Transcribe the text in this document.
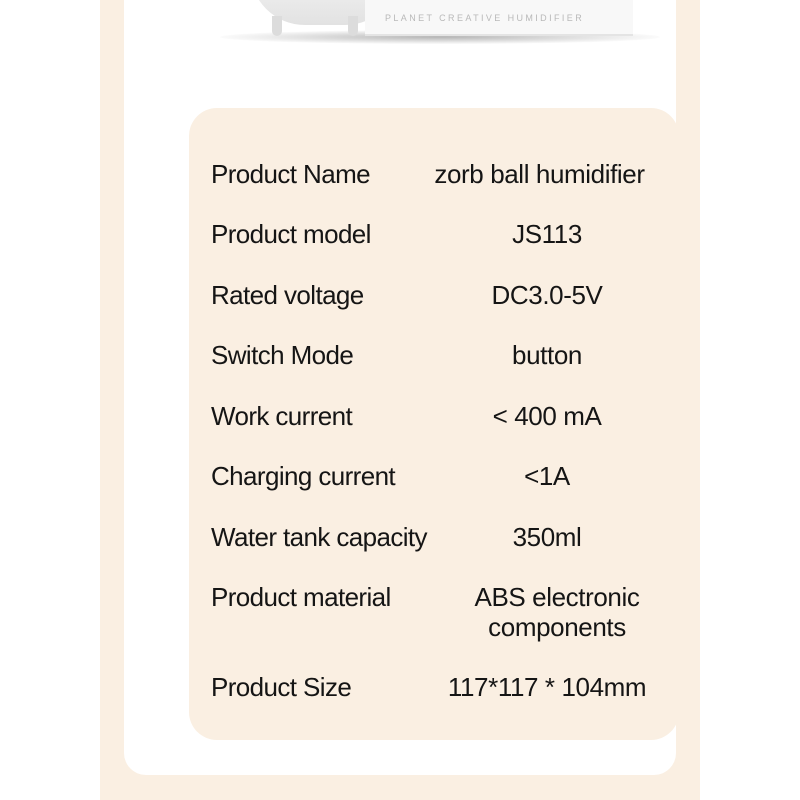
PLANET CREATIVE HUMIDIFIER
Product Name	zorb ball humidifier
Product model	JS113
Rated voltage	DC3.0-5V
Switch Mode	button
Work current	< 400 mA
Charging current	<1A
Water tank capacity	350ml
Product material	ABS electronic components
Product Size	117*117 * 104mm
